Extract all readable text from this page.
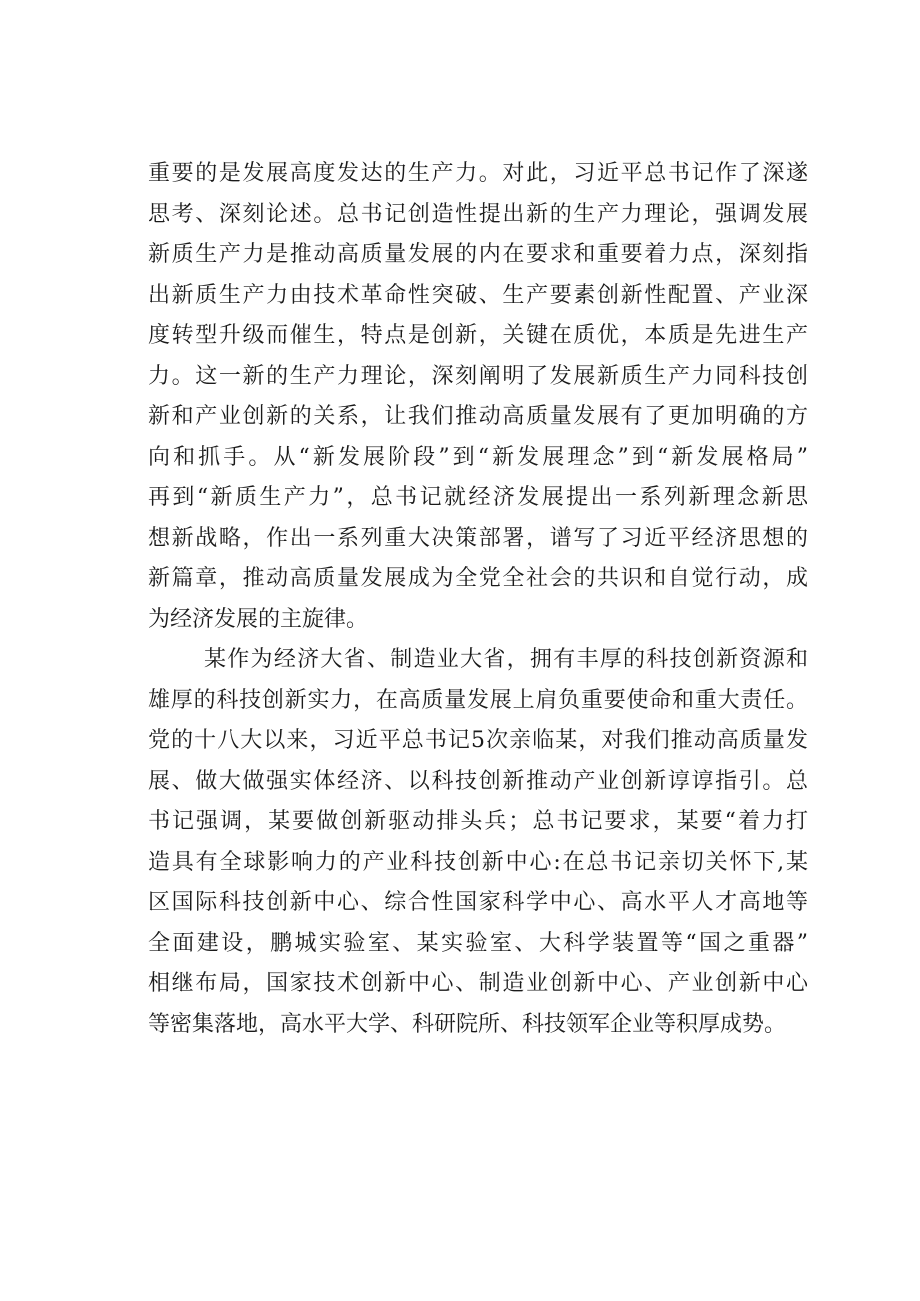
重要的是发展高度发达的生产力。对此，习近平总书记作了深遂
思考、深刻论述。总书记创造性提出新的生产力理论，强调发展
新质生产力是推动高质量发展的内在要求和重要着力点，深刻指
出新质生产力由技术革命性突破、生产要素创新性配置、产业深
度转型升级而催生，特点是创新，关键在质优，本质是先进生产
力。这一新的生产力理论，深刻阐明了发展新质生产力同科技创
新和产业创新的关系，让我们推动高质量发展有了更加明确的方
向和抓手。从“新发展阶段”到“新发展理念”到“新发展格局”
再到“新质生产力”，总书记就经济发展提出一系列新理念新思
想新战略，作出一系列重大决策部署，谱写了习近平经济思想的
新篇章，推动高质量发展成为全党全社会的共识和自觉行动，成
为经济发展的主旋律。
某作为经济大省、制造业大省，拥有丰厚的科技创新资源和
雄厚的科技创新实力，在高质量发展上肩负重要使命和重大责任。
党的十八大以来，习近平总书记5次亲临某，对我们推动高质量发
展、做大做强实体经济、以科技创新推动产业创新谆谆指引。总
书记强调，某要做创新驱动排头兵；总书记要求，某要“着力打
造具有全球影响力的产业科技创新中心:在总书记亲切关怀下,某
区国际科技创新中心、综合性国家科学中心、高水平人才高地等
全面建设，鹏城实验室、某实验室、大科学装置等“国之重器”
相继布局，国家技术创新中心、制造业创新中心、产业创新中心
等密集落地，高水平大学、科研院所、科技领军企业等积厚成势。
